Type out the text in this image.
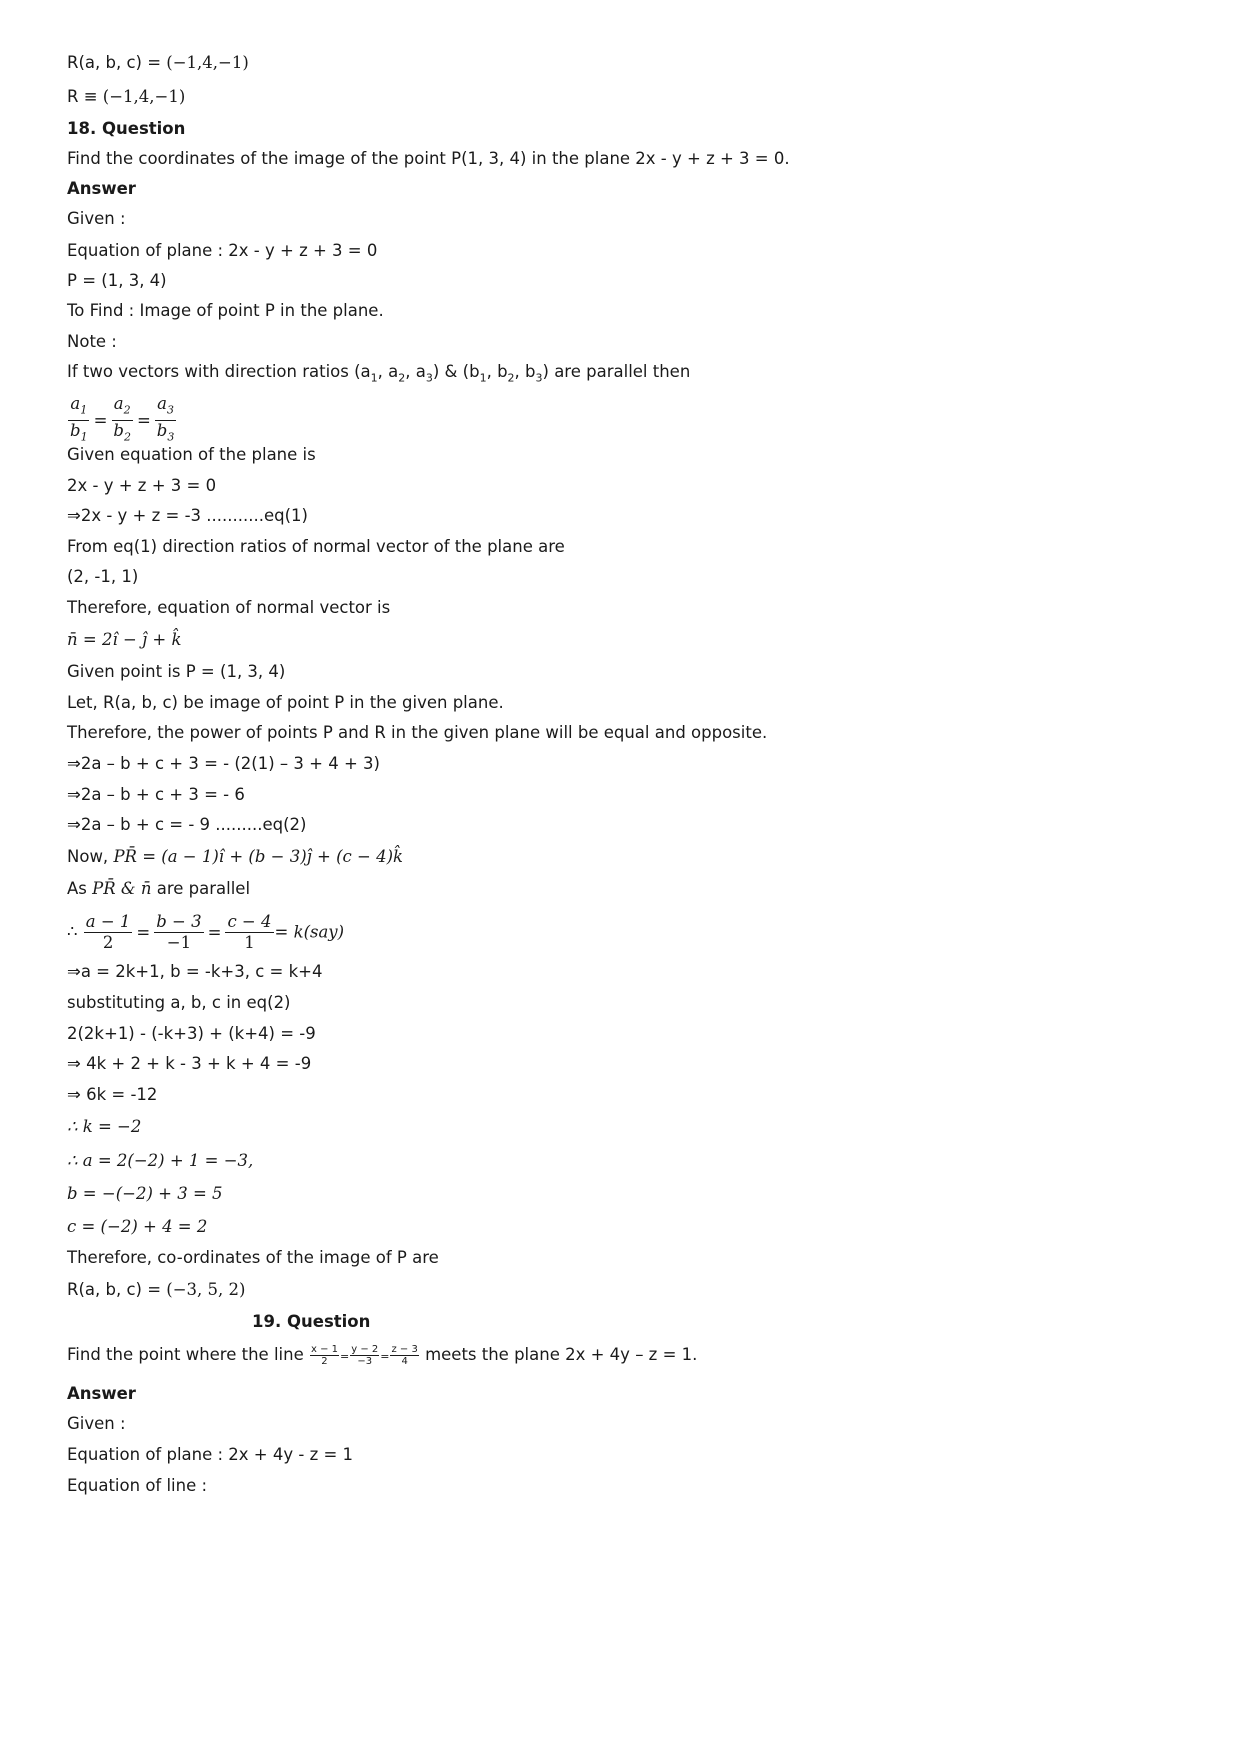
R(a, b, c) = (−1,4,−1)
R ≡ (−1,4,−1)
18. Question
Find the coordinates of the image of the point P(1, 3, 4) in the plane 2x - y + z + 3 = 0.
Answer
Given :
Equation of plane : 2x - y + z + 3 = 0
P = (1, 3, 4)
To Find : Image of point P in the plane.
Note :
If two vectors with direction ratios ($a_1$, $a_2$, $a_3$) & ($b_1$, $b_2$, $b_3$) are parallel then
$\frac{a_1}{b_1} = \frac{a_2}{b_2} = \frac{a_3}{b_3}$
Given equation of the plane is
2x - y + z + 3 = 0
⇒2x - y + z = -3 ...........eq(1)
From eq(1) direction ratios of normal vector of the plane are
(2, -1, 1)
Therefore, equation of normal vector is
n̄ = 2î − ĵ + k̂
Given point is P = (1, 3, 4)
Let, R(a, b, c) be image of point P in the given plane.
Therefore, the power of points P and R in the given plane will be equal and opposite.
⇒2a – b + c + 3 = - (2(1) – 3 + 4 + 3)
⇒2a – b + c + 3 = - 6
⇒2a – b + c = - 9 .........eq(2)
Now, PR̄ = (a − 1)î + (b − 3)ĵ + (c − 4)k̂
As PR̄ & n̄ are parallel
∴ $\frac{a - 1}{2} = \frac{b - 3}{-1} = \frac{c - 4}{1} = k(say)$
⇒a = 2k+1, b = -k+3, c = k+4
substituting a, b, c in eq(2)
2(2k+1) - (-k+3) + (k+4) = -9
⇒ 4k + 2 + k - 3 + k + 4 = -9
⇒ 6k = -12
∴ k = −2
∴ a = 2(−2) + 1 = −3,
b = −(−2) + 3 = 5
c = (−2) + 4 = 2
Therefore, co-ordinates of the image of P are
R(a, b, c) = (−3, 5, 2)
19. Question
Find the point where the line $\frac{x - 1}{2} = \frac{y - 2}{-3} = \frac{z - 3}{4}$ meets the plane 2x + 4y – z = 1.
Answer
Given :
Equation of plane : 2x + 4y - z = 1
Equation of line :
